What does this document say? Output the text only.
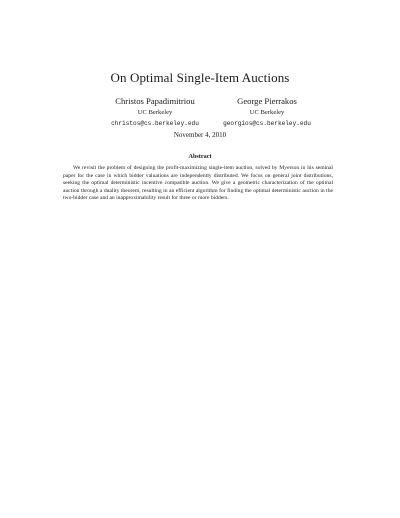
On Optimal Single-Item Auctions
Christos Papadimitriou
UC Berkeley
christos@cs.berkeley.edu
George Pierrakos
UC Berkeley
georgios@cs.berkeley.edu
November 4, 2010
Abstract
We revisit the problem of designing the profit-maximizing single-item auction, solved by Myerson in his seminal paper for the case in which bidder valuations are independently distributed. We focus on general joint distributions, seeking the optimal deterministic incentive compatible auction. We give a geometric characterization of the optimal auction through a duality theorem, resulting in an efficient algorithm for finding the optimal deterministic auction in the two-bidder case and an inapproximability result for three or more bidders.
